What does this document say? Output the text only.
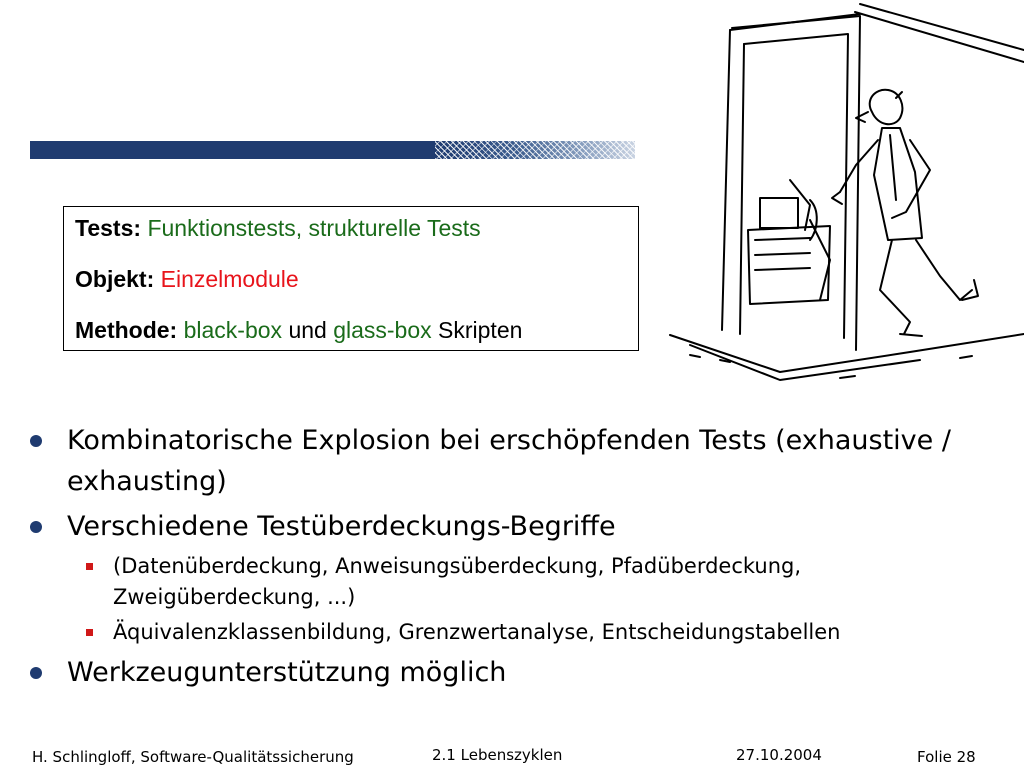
Tests: Funktionstests, strukturelle Tests
Objekt: Einzelmodule
Methode: black-box und glass-box Skripten
Kombinatorische Explosion bei erschöpfenden Tests (exhaustive / exhausting)
Verschiedene Testüberdeckungs-Begriffe
(Datenüberdeckung, Anweisungsüberdeckung, Pfadüberdeckung, Zweigüberdeckung, ...)
Äquivalenzklassenbildung, Grenzwertanalyse, Entscheidungstabellen
Werkzeugunterstützung möglich
H. Schlingloff, Software-Qualitätssicherung	2.1 Lebenszyklen	27.10.2004	Folie 28
